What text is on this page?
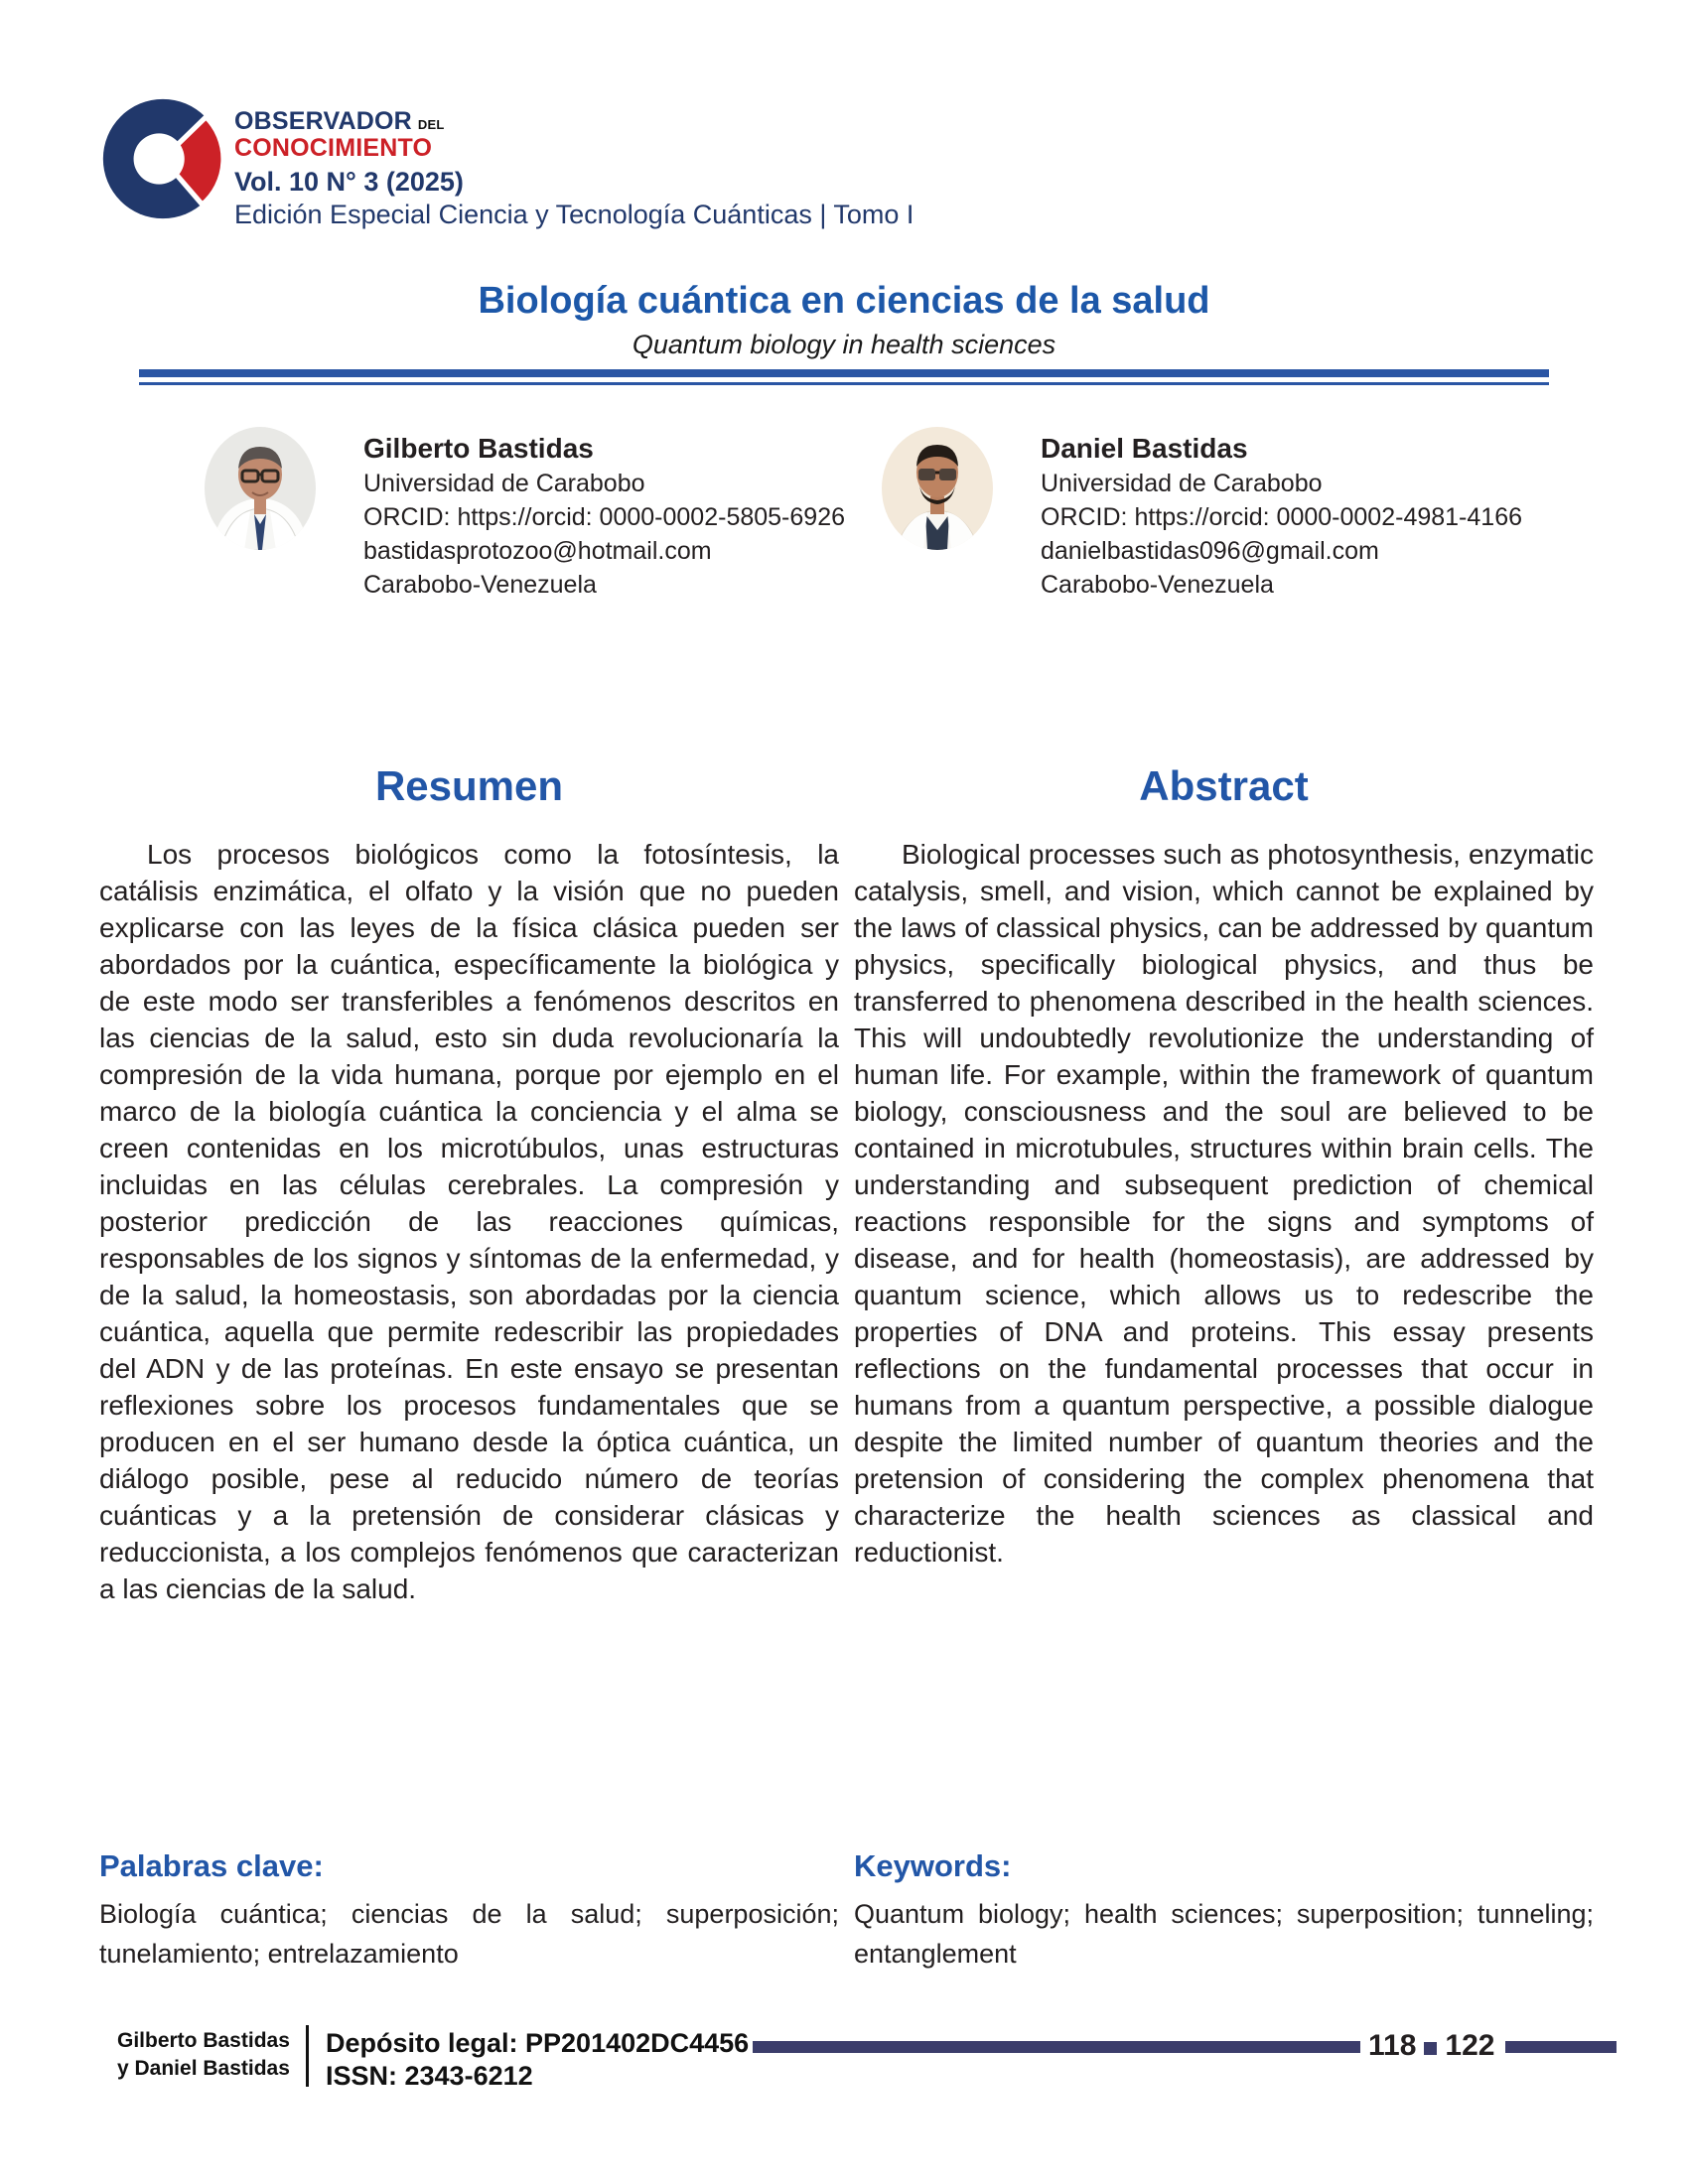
OBSERVADOR DEL
CONOCIMIENTO
Vol. 10 N° 3 (2025)
Edición Especial Ciencia y Tecnología Cuánticas | Tomo I
Biología cuántica en ciencias de la salud
Quantum biology in health sciences
Gilberto Bastidas
Universidad de Carabobo
ORCID: https://orcid: 0000-0002-5805-6926
bastidasprotozoo@hotmail.com
Carabobo-Venezuela
Daniel Bastidas
Universidad de Carabobo
ORCID: https://orcid: 0000-0002-4981-4166
danielbastidas096@gmail.com
Carabobo-Venezuela
Resumen

Los procesos biológicos como la fotosíntesis, la catálisis enzimática, el olfato y la visión que no pueden explicarse con las leyes de la física clásica pueden ser abordados por la cuántica, específicamente la biológica y de este modo ser transferibles a fenómenos descritos en las ciencias de la salud, esto sin duda revolucionaría la compresión de la vida humana, porque por ejemplo en el marco de la biología cuántica la conciencia y el alma se creen contenidas en los microtúbulos, unas estructuras incluidas en las células cerebrales. La compresión y posterior predicción de las reacciones químicas, responsables de los signos y síntomas de la enfermedad, y de la salud, la homeostasis, son abordadas por la ciencia cuántica, aquella que permite redescribir las propiedades del ADN y de las proteínas. En este ensayo se presentan reflexiones sobre los procesos fundamentales que se producen en el ser humano desde la óptica cuántica, un diálogo posible, pese al reducido número de teorías cuánticas y a la pretensión de considerar clásicas y reduccionista, a los complejos fenómenos que caracterizan a las ciencias de la salud.

Abstract

Biological processes such as photosynthesis, enzymatic catalysis, smell, and vision, which cannot be explained by the laws of classical physics, can be addressed by quantum physics, specifically biological physics, and thus be transferred to phenomena described in the health sciences. This will undoubtedly revolutionize the understanding of human life. For example, within the framework of quantum biology, consciousness and the soul are believed to be contained in microtubules, structures within brain cells. The understanding and subsequent prediction of chemical reactions responsible for the signs and symptoms of disease, and for health (homeostasis), are addressed by quantum science, which allows us to redescribe the properties of DNA and proteins. This essay presents reflections on the fundamental processes that occur in humans from a quantum perspective, a possible dialogue despite the limited number of quantum theories and the pretension of considering the complex phenomena that characterize the health sciences as classical and reductionist.

Palabras clave:

Biología cuántica; ciencias de la salud; superposición; tunelamiento; entrelazamiento

Keywords:

Quantum biology; health sciences; superposition; tunneling; entanglement

Gilberto Bastidas
y Daniel Bastidas
Depósito legal: PP201402DC4456
ISSN: 2343-6212
118 122
